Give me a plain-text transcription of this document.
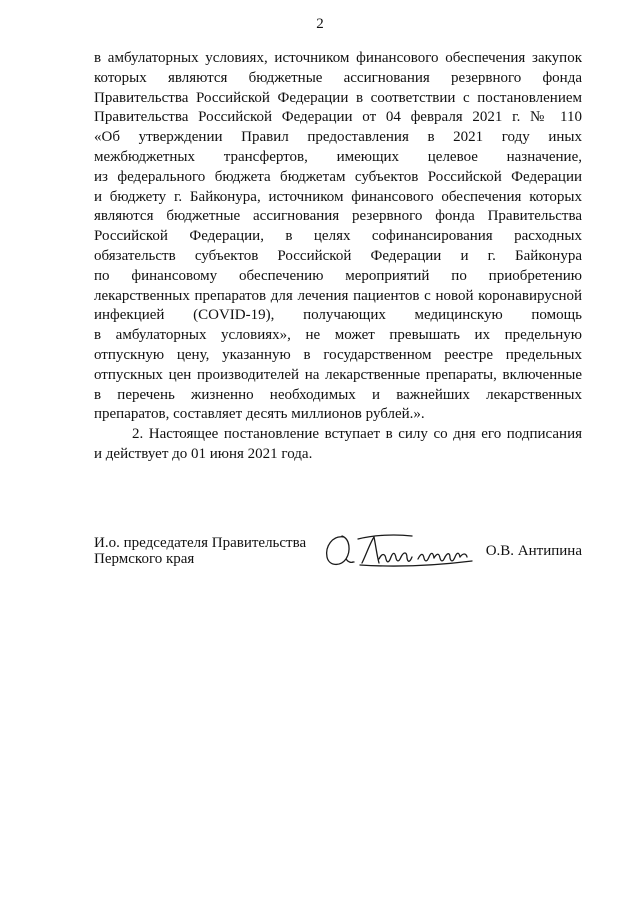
2
в амбулаторных условиях, источником финансового обеспечения закупок
которых являются бюджетные ассигнования резервного фонда
Правительства Российской Федерации в соответствии с постановлением
Правительства Российской Федерации от 04 февраля 2021 г. № 110
«Об утверждении Правил предоставления в 2021 году иных
межбюджетных трансфертов, имеющих целевое назначение,
из федерального бюджета бюджетам субъектов Российской Федерации
и бюджету г. Байконура, источником финансового обеспечения которых
являются бюджетные ассигнования резервного фонда Правительства
Российской Федерации, в целях софинансирования расходных
обязательств субъектов Российской Федерации и г. Байконура
по финансовому обеспечению мероприятий по приобретению
лекарственных препаратов для лечения пациентов с новой коронавирусной
инфекцией (COVID-19), получающих медицинскую помощь
в амбулаторных условиях», не может превышать их предельную
отпускную цену, указанную в государственном реестре предельных
отпускных цен производителей на лекарственные препараты, включенные
в перечень жизненно необходимых и важнейших лекарственных
препаратов, составляет десять миллионов рублей.».
2. Настоящее постановление вступает в силу со дня его подписания
и действует до 01 июня 2021 года.
И.о. председателя Правительства
Пермского края	О.В. Антипина
